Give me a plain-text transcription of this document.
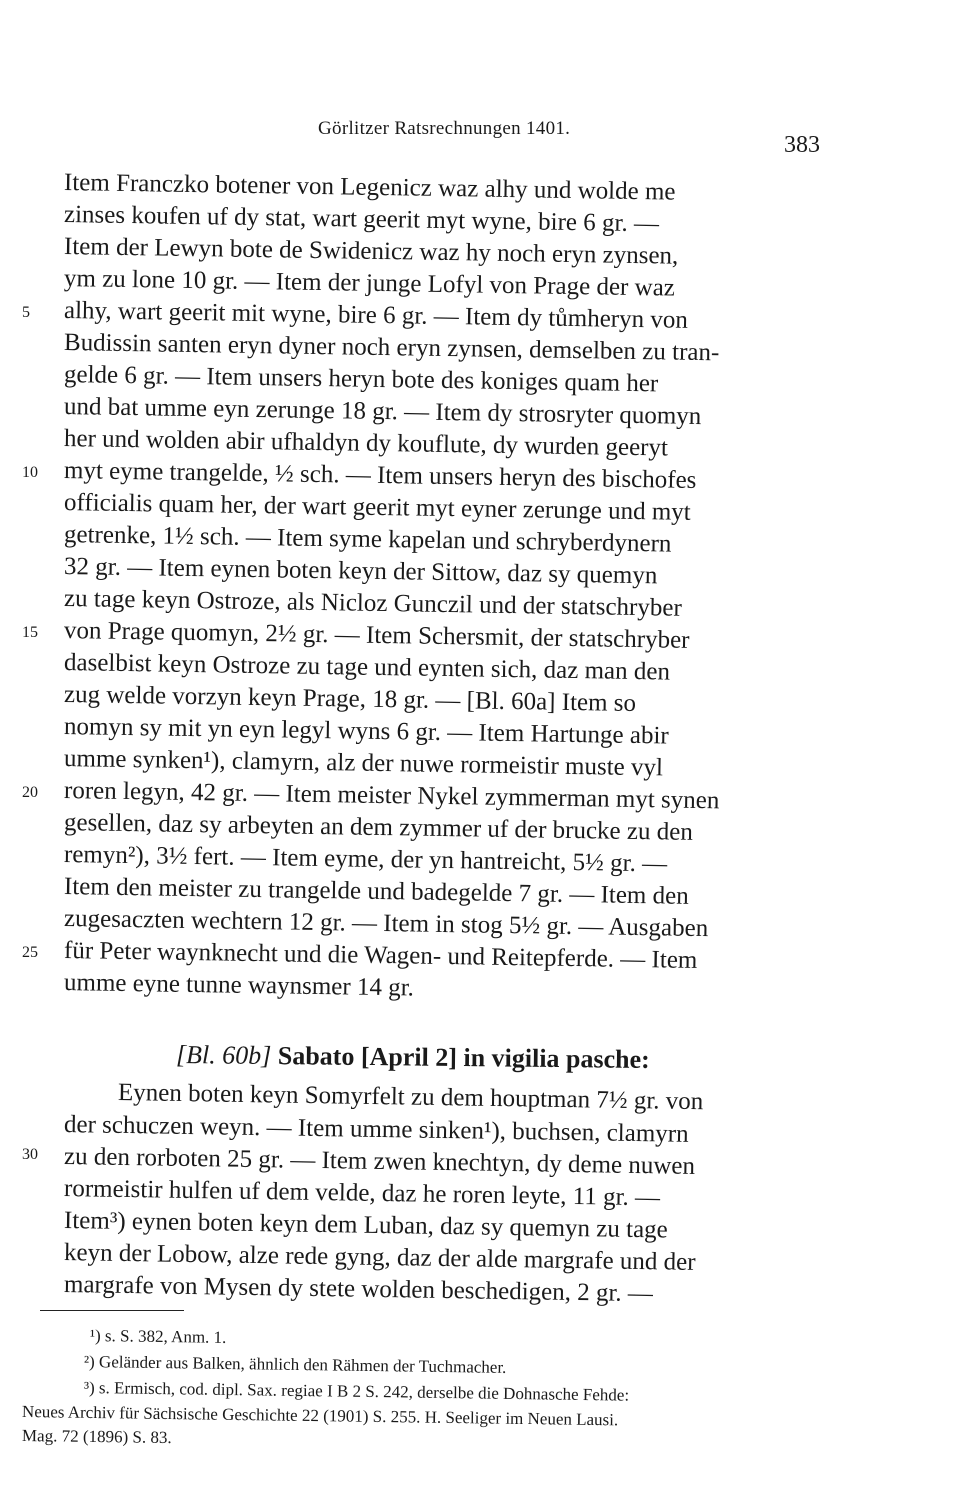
Görlitzer Ratsrechnungen 1401.
383
Item Franczko botener von Legenicz waz alhy und wolde me
zinses koufen uf dy stat, wart geerit myt wyne, bire 6 gr. —
Item der Lewyn bote de Swidenicz waz hy noch eryn zynsen,
ym zu lone 10 gr. — Item der junge Lofyl von Prage der waz
alhy, wart geerit mit wyne, bire 6 gr. — Item dy tůmheryn von
Budissin santen eryn dyner noch eryn zynsen, demselben zu tran-
gelde 6 gr. — Item unsers heryn bote des koniges quam her
und bat umme eyn zerunge 18 gr. — Item dy strosryter quomyn
her und wolden abir ufhaldyn dy kouflute, dy wurden geeryt
myt eyme trangelde, ½ sch. — Item unsers heryn des bischofes
officialis quam her, der wart geerit myt eyner zerunge und myt
getrenke, 1½ sch. — Item syme kapelan und schryberdynern
32 gr. — Item eynen boten keyn der Sittow, daz sy quemyn
zu tage keyn Ostroze, als Nicloz Gunczil und der statschryber
von Prage quomyn, 2½ gr. — Item Schersmit, der statschryber
daselbist keyn Ostroze zu tage und eynten sich, daz man den
zug welde vorzyn keyn Prage, 18 gr. — [Bl. 60a] Item so
nomyn sy mit yn eyn legyl wyns 6 gr. — Item Hartunge abir
umme synken¹), clamyrn, alz der nuwe rormeistir muste vyl
roren legyn, 42 gr. — Item meister Nykel zymmerman myt synen
gesellen, daz sy arbeyten an dem zymmer uf der brucke zu den
remyn²), 3½ fert. — Item eyme, der yn hantreicht, 5½ gr. —
Item den meister zu trangelde und badegelde 7 gr. — Item den
zugesaczten wechtern 12 gr. — Item in stog 5½ gr. — Ausgaben
für Peter waynknecht und die Wagen- und Reitepferde. — Item
umme eyne tunne waynsmer 14 gr.
5
10
15
20
25
30
[Bl. 60b] Sabato [April 2] in vigilia pasche:
Eynen boten keyn Somyrfelt zu dem houptman 7½ gr. von
der schuczen weyn. — Item umme sinken¹), buchsen, clamyrn
zu den rorboten 25 gr. — Item zwen knechtyn, dy deme nuwen
rormeistir hulfen uf dem velde, daz he roren leyte, 11 gr. —
Item³) eynen boten keyn dem Luban, daz sy quemyn zu tage
keyn der Lobow, alze rede gyng, daz der alde margrafe und der
margrafe von Mysen dy stete wolden beschedigen, 2 gr. —
¹) s. S. 382, Anm. 1.
²) Geländer aus Balken, ähnlich den Rähmen der Tuchmacher.
³) s. Ermisch, cod. dipl. Sax. regiae I B 2 S. 242, derselbe die Dohnasche Fehde:
Neues Archiv für Sächsische Geschichte 22 (1901) S. 255. H. Seeliger im Neuen Lausi.
Mag. 72 (1896) S. 83.
